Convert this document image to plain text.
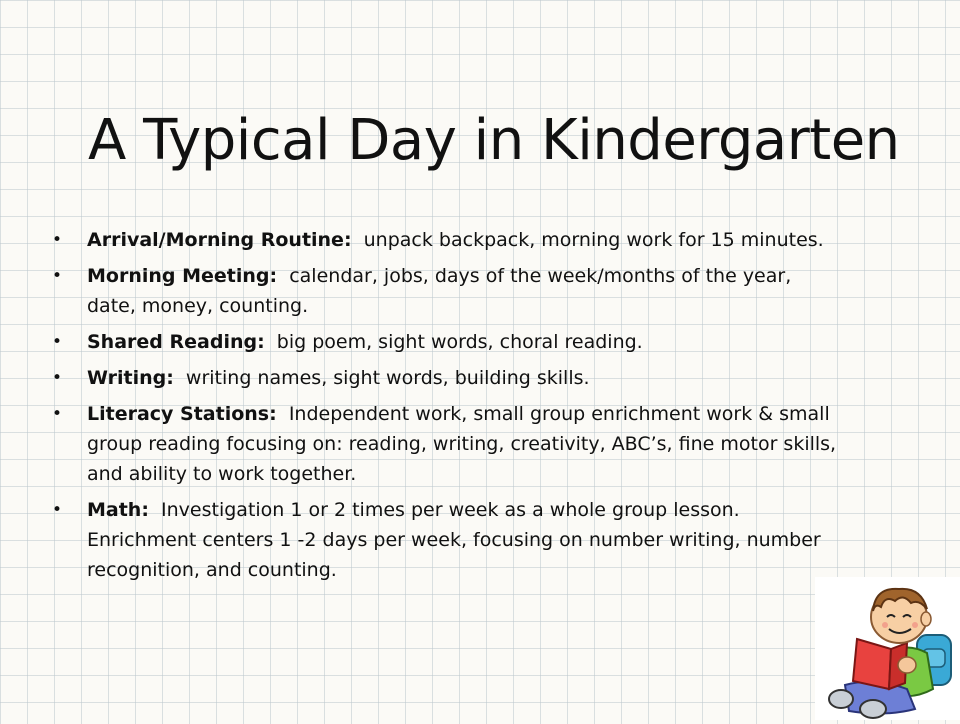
A Typical Day in Kindergarten
• Arrival/Morning Routine: unpack backpack, morning work for 15 minutes.
• Morning Meeting: calendar, jobs, days of the week/months of the year, date, money, counting.
• Shared Reading: big poem, sight words, choral reading.
• Writing: writing names, sight words, building skills.
• Literacy Stations: Independent work, small group enrichment work & small group reading focusing on: reading, writing, creativity, ABC’s, fine motor skills, and ability to work together.
• Math: Investigation 1 or 2 times per week as a whole group lesson. Enrichment centers 1 -2 days per week, focusing on number writing, number recognition, and counting.
